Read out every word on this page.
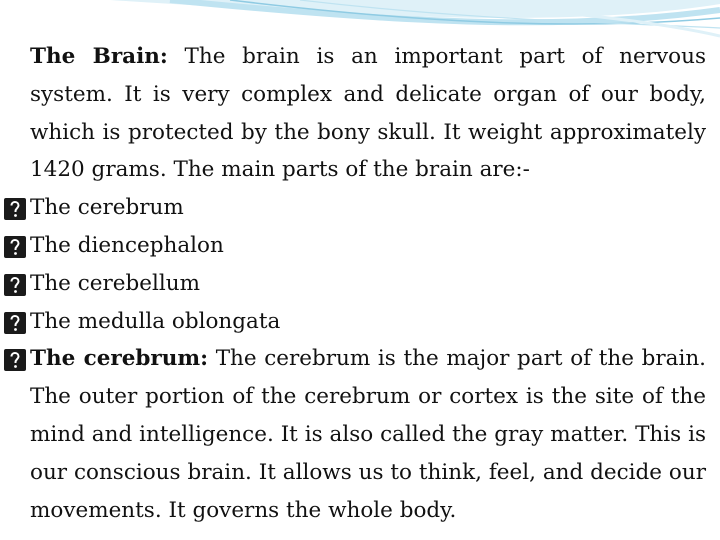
The Brain: The brain is an important part of nervous system. It is very complex and delicate organ of our body, which is protected by the bony skull. It weight approximately 1420 grams. The main parts of the brain are:-

The cerebrum
The diencephalon
The cerebellum
The medulla oblongata

The cerebrum: The cerebrum is the major part of the brain. The outer portion of the cerebrum or cortex is the site of the mind and intelligence. It is also called the gray matter. This is our conscious brain. It allows us to think, feel, and decide our movements. It governs the whole body.
